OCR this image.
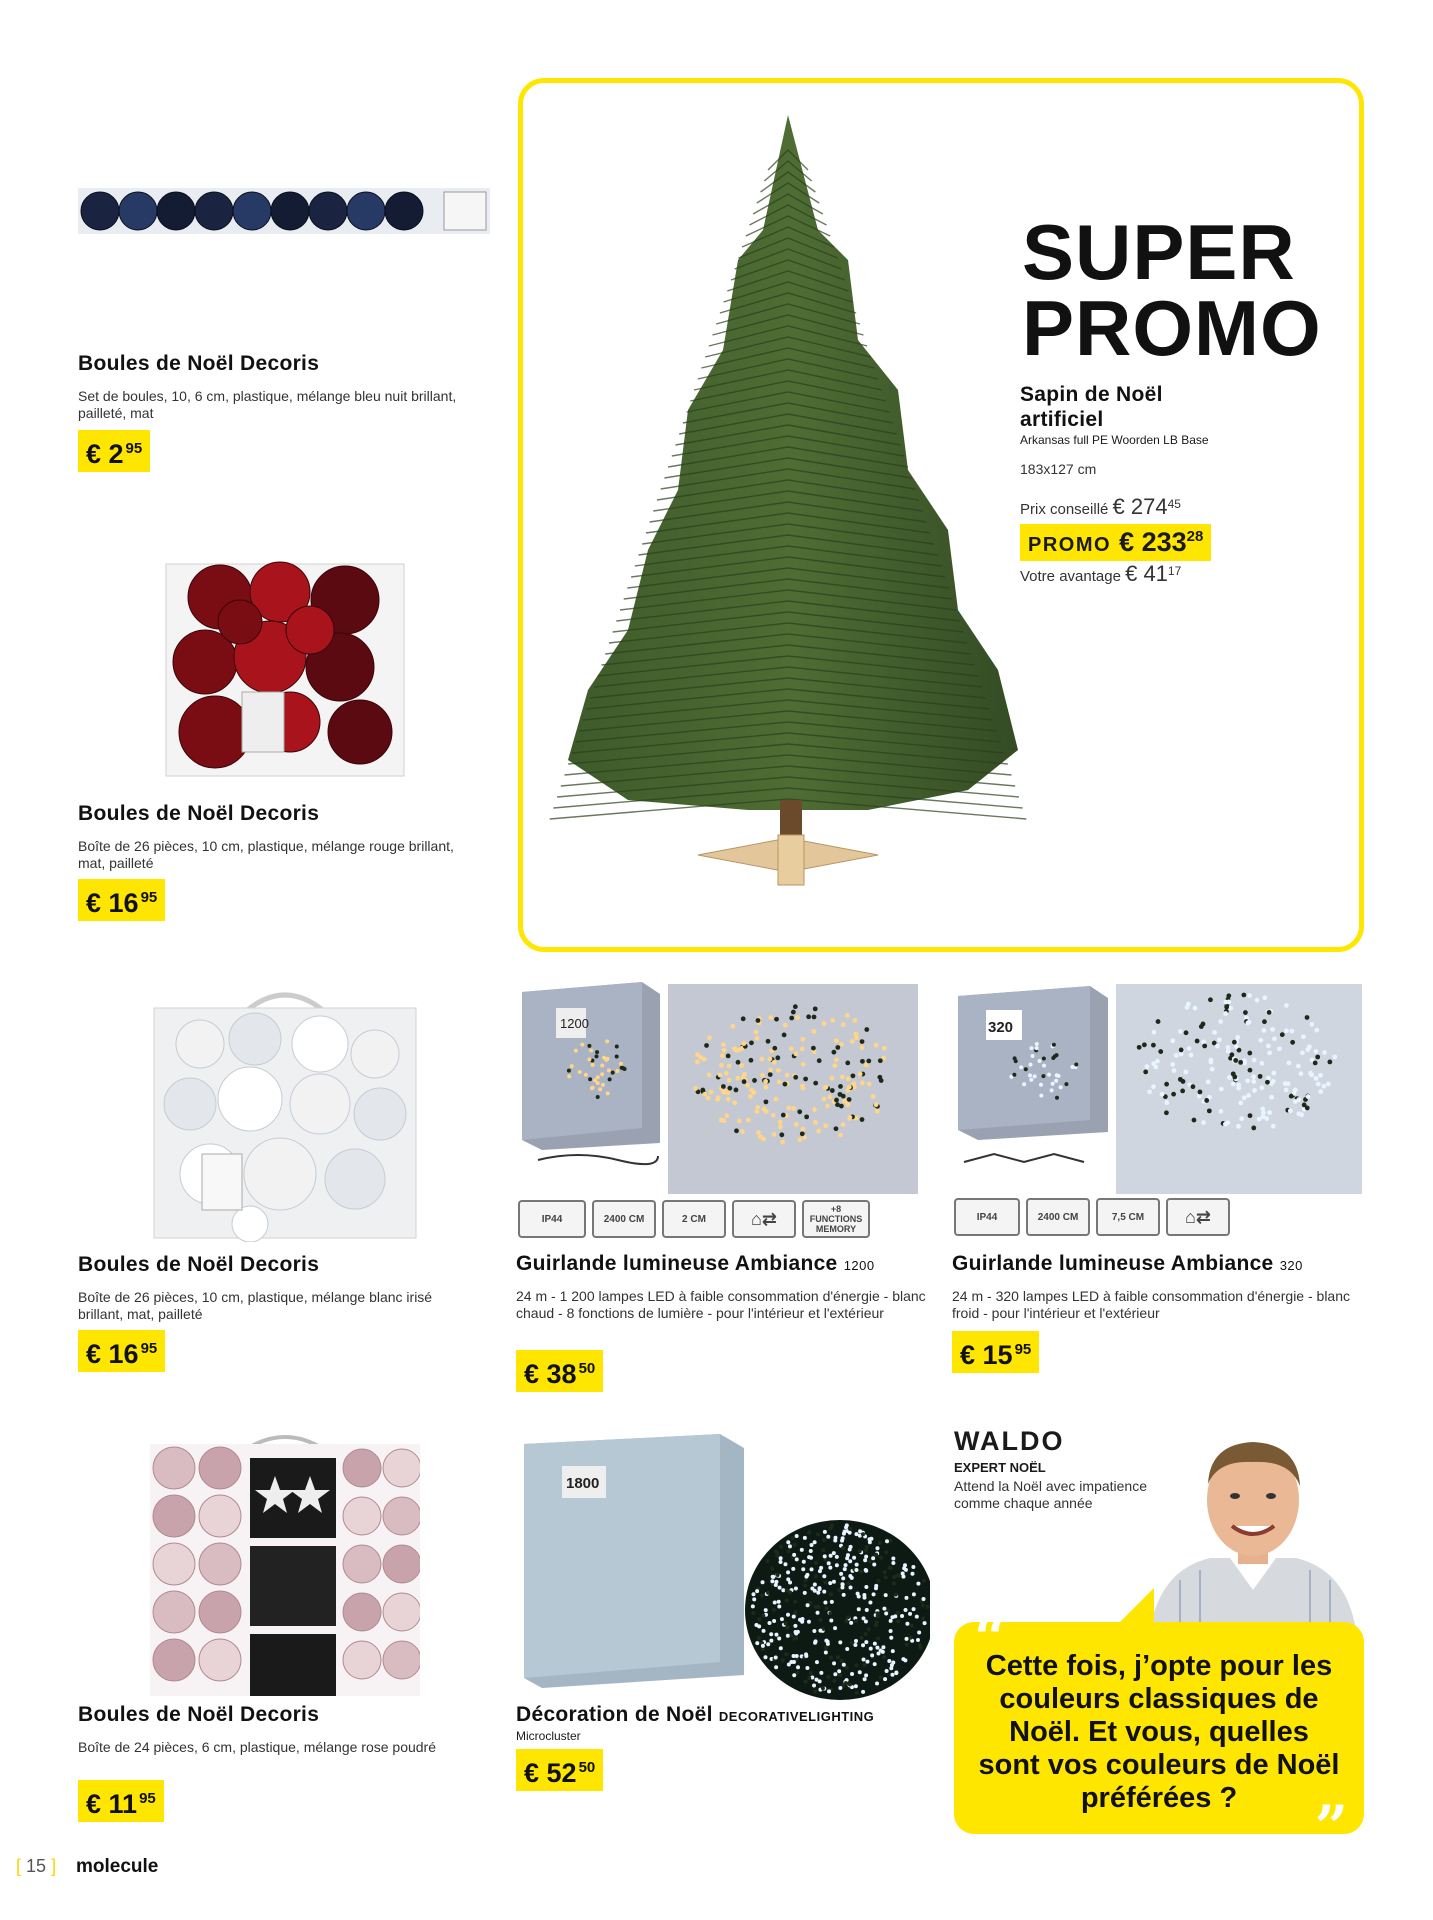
Boules de Noël Decoris
Set de boules, 10, 6 cm, plastique, mélange bleu nuit brillant, pailleté, mat
€ 2 $^{95}$
Boules de Noël Decoris
Boîte de 26 pièces, 10 cm, plastique, mélange rouge brillant, mat, pailleté
€ 16 $^{95}$
Boules de Noël Decoris
Boîte de 26 pièces, 10 cm, plastique, mélange blanc irisé brillant, mat, pailleté
€ 16 $^{95}$
Boules de Noël Decoris
Boîte de 24 pièces, 6 cm, plastique, mélange rose poudré
€ 11 $^{95}$
SUPER
PROMO
Sapin de Noël artificiel
Arkansas full PE Woorden LB Base
183x127 cm
Prix conseillé € $274^{45}$
PROMO € $233^{28}$
Votre avantage € $41^{17}$
1200
IP44	2400 CM	2 CM	⌂⇄	+8 FUNCTIONS MEMORY
Guirlande lumineuse Ambiance 1200
24 m - 1 200 lampes LED à faible consommation d'énergie - blanc chaud - 8 fonctions de lumière - pour l'intérieur et l'extérieur
€ 38 $^{50}$
320
IP44	2400 CM	7,5 CM	⌂⇄
Guirlande lumineuse Ambiance 320
24 m - 320 lampes LED à faible consommation d'énergie - blanc froid - pour l'intérieur et l'extérieur
€ 15 $^{95}$
1800
Décoration de Noël DECORATIVELIGHTING
Microcluster
€ 52 $^{50}$
WALDO
EXPERT NOËL
Attend la Noël avec impatience comme chaque année
“
Cette fois, j’opte pour les couleurs classiques de Noël. Et vous, quelles sont vos couleurs de Noël préférées ?	”
[ 15 ] molecule
